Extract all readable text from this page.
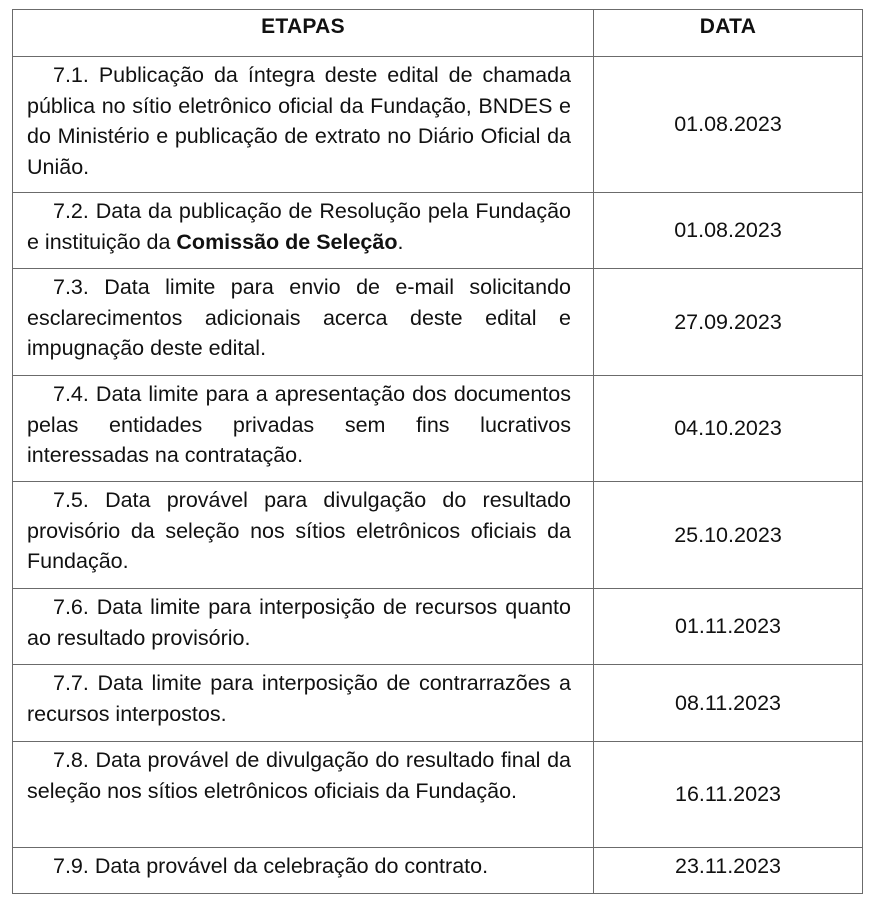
ETAPAS	DATA

7.1. Publicação da íntegra deste edital de chamada pública no sítio eletrônico oficial da Fundação, BNDES e do Ministério e publicação de extrato no Diário Oficial da União.	01.08.2023

7.2. Data da publicação de Resolução pela Fundação e instituição da Comissão de Seleção.	01.08.2023

7.3. Data limite para envio de e-mail solicitando esclarecimentos adicionais acerca deste edital e impugnação deste edital.	27.09.2023

7.4. Data limite para a apresentação dos documentos pelas entidades privadas sem fins lucrativos interessadas na contratação.	04.10.2023

7.5. Data provável para divulgação do resultado provisório da seleção nos sítios eletrônicos oficiais da Fundação.	25.10.2023

7.6. Data limite para interposição de recursos quanto ao resultado provisório.	01.11.2023

7.7. Data limite para interposição de contrarrazões a recursos interpostos.	08.11.2023

7.8. Data provável de divulgação do resultado final da seleção nos sítios eletrônicos oficiais da Fundação.	16.11.2023

7.9. Data provável da celebração do contrato.	23.11.2023
